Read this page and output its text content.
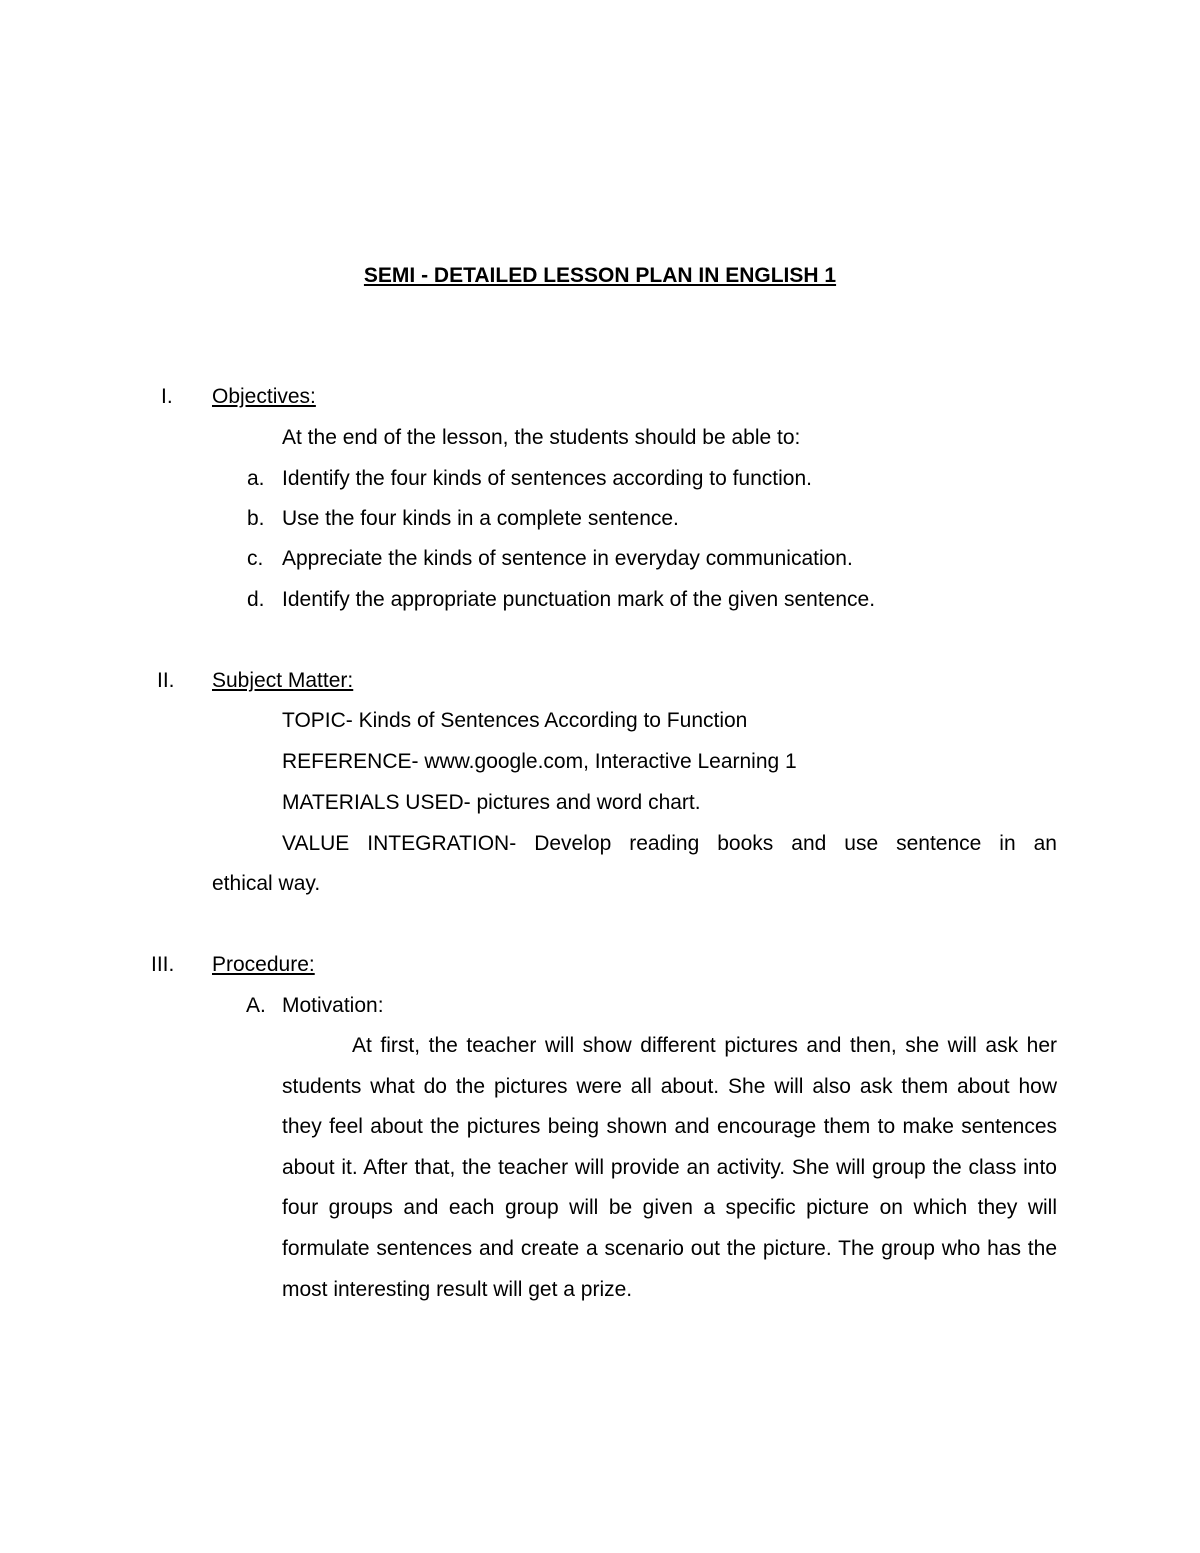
SEMI - DETAILED LESSON PLAN IN ENGLISH 1
I. Objectives:
At the end of the lesson, the students should be able to:
a. Identify the four kinds of sentences according to function.
b. Use the four kinds in a complete sentence.
c. Appreciate the kinds of sentence in everyday communication.
d. Identify the appropriate punctuation mark of the given sentence.
II. Subject Matter:
TOPIC- Kinds of Sentences According to Function
REFERENCE- www.google.com, Interactive Learning 1
MATERIALS USED- pictures and word chart.
VALUE INTEGRATION- Develop reading books and use sentence in an
ethical way.
III. Procedure:
A. Motivation:
At first, the teacher will show different pictures and then, she will ask her students what do the pictures were all about. She will also ask them about how they feel about the pictures being shown and encourage them to make sentences about it. After that, the teacher will provide an activity. She will group the class into four groups and each group will be given a specific picture on which they will formulate sentences and create a scenario out the picture. The group who has the most interesting result will get a prize.
